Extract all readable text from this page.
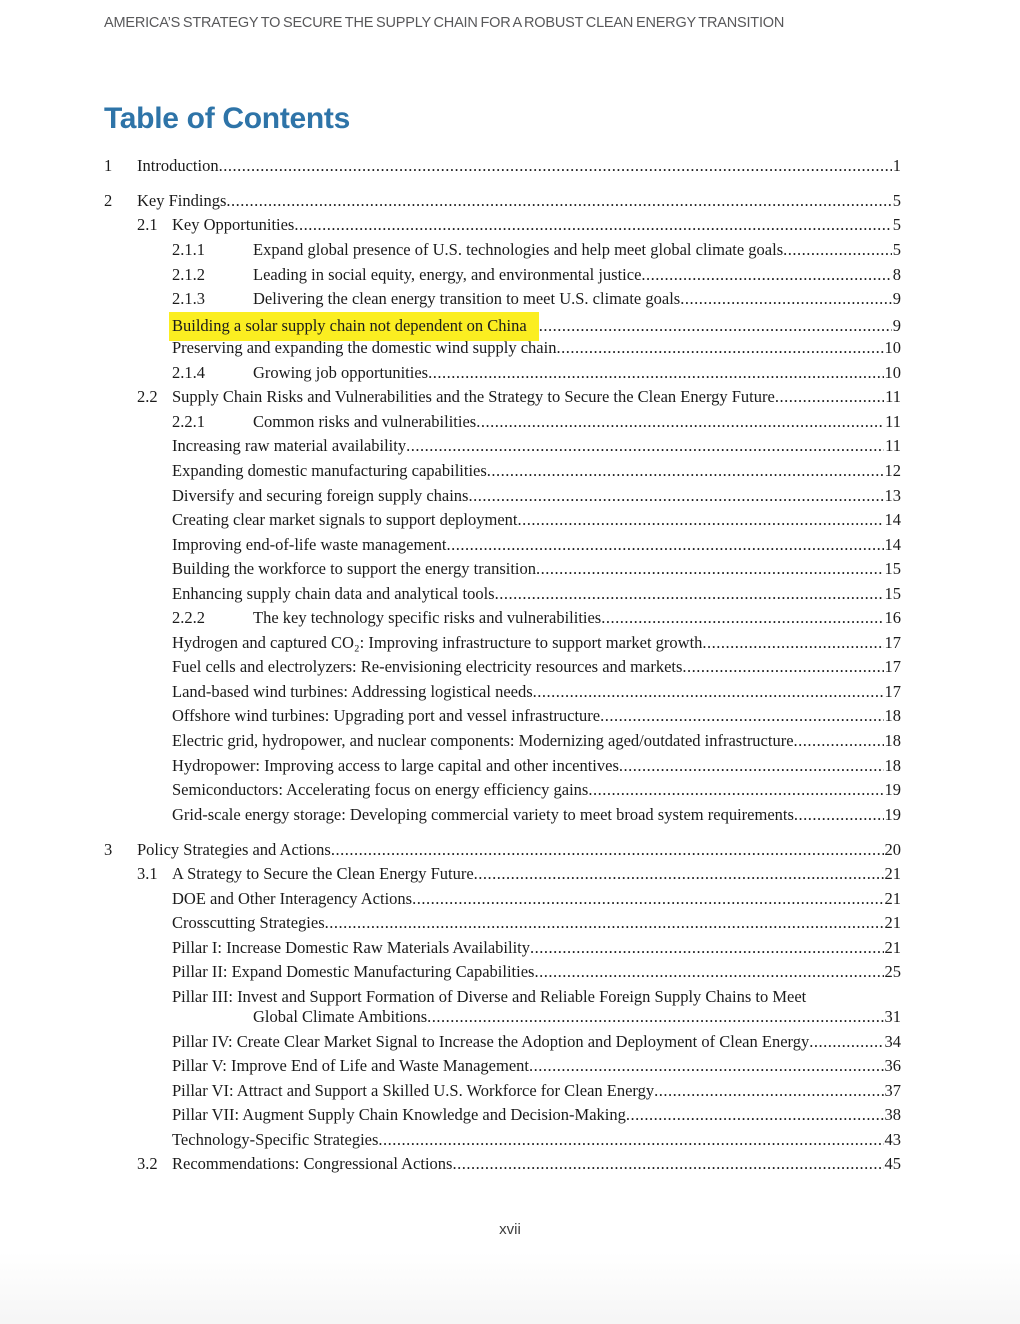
AMERICA’S STRATEGY TO SECURE THE SUPPLY CHAIN FOR A ROBUST CLEAN ENERGY TRANSITION
Table of Contents
1	Introduction .....	1
2	Key Findings .....	5
2.1 Key Opportunities .....	5
2.1.1	Expand global presence of U.S. technologies and help meet global climate goals .....	5
2.1.2	Leading in social equity, energy, and environmental justice .....	8
2.1.3	Delivering the clean energy transition to meet U.S. climate goals .....	9
Building a solar supply chain not dependent on China .....	9
Preserving and expanding the domestic wind supply chain .....	10
2.1.4	Growing job opportunities .....	10
2.2 Supply Chain Risks and Vulnerabilities and the Strategy to Secure the Clean Energy Future .....	11
2.2.1	Common risks and vulnerabilities .....	11
Increasing raw material availability .....	11
Expanding domestic manufacturing capabilities .....	12
Diversify and securing foreign supply chains .....	13
Creating clear market signals to support deployment .....	14
Improving end-of-life waste management .....	14
Building the workforce to support the energy transition .....	15
Enhancing supply chain data and analytical tools .....	15
2.2.2	The key technology specific risks and vulnerabilities .....	16
Hydrogen and captured CO₂: Improving infrastructure to support market growth .....	17
Fuel cells and electrolyzers: Re-envisioning electricity resources and markets .....	17
Land-based wind turbines: Addressing logistical needs .....	17
Offshore wind turbines: Upgrading port and vessel infrastructure .....	18
Electric grid, hydropower, and nuclear components: Modernizing aged/outdated infrastructure .....	18
Hydropower: Improving access to large capital and other incentives .....	18
Semiconductors: Accelerating focus on energy efficiency gains .....	19
Grid-scale energy storage: Developing commercial variety to meet broad system requirements .....	19
3	Policy Strategies and Actions .....	20
3.1 A Strategy to Secure the Clean Energy Future .....	21
DOE and Other Interagency Actions .....	21
Crosscutting Strategies .....	21
Pillar I: Increase Domestic Raw Materials Availability .....	21
Pillar II: Expand Domestic Manufacturing Capabilities .....	25
Pillar III: Invest and Support Formation of Diverse and Reliable Foreign Supply Chains to Meet
Global Climate Ambitions .....	31
Pillar IV: Create Clear Market Signal to Increase the Adoption and Deployment of Clean Energy .....	34
Pillar V: Improve End of Life and Waste Management .....	36
Pillar VI: Attract and Support a Skilled U.S. Workforce for Clean Energy .....	37
Pillar VII: Augment Supply Chain Knowledge and Decision-Making .....	38
Technology-Specific Strategies .....	43
3.2 Recommendations: Congressional Actions .....	45
xvii
